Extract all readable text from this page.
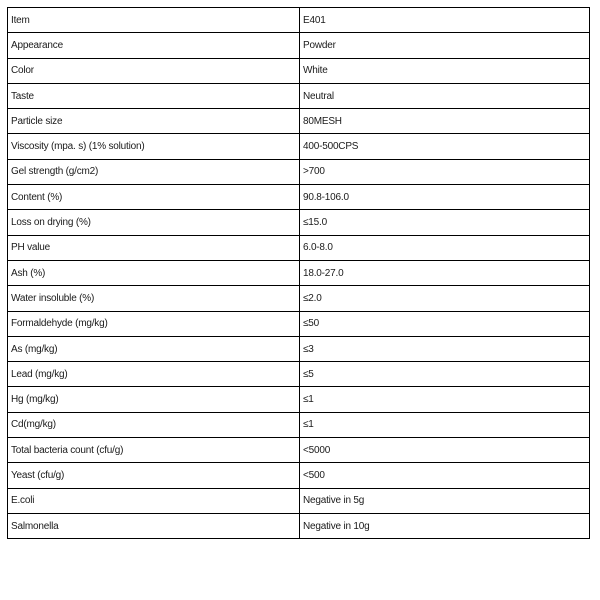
Item	E401
Appearance	Powder
Color	White
Taste	Neutral
Particle size	80MESH
Viscosity (mpa. s) (1% solution)	400-500CPS
Gel strength (g/cm2)	>700
Content (%)	90.8-106.0
Loss on drying (%)	≤15.0
PH value	6.0-8.0
Ash (%)	18.0-27.0
Water insoluble (%)	≤2.0
Formaldehyde (mg/kg)	≤50
As (mg/kg)	≤3
Lead (mg/kg)	≤5
Hg (mg/kg)	≤1
Cd(mg/kg)	≤1
Total bacteria count (cfu/g)	<5000
Yeast (cfu/g)	<500
E.coli	Negative in 5g
Salmonella	Negative in 10g
